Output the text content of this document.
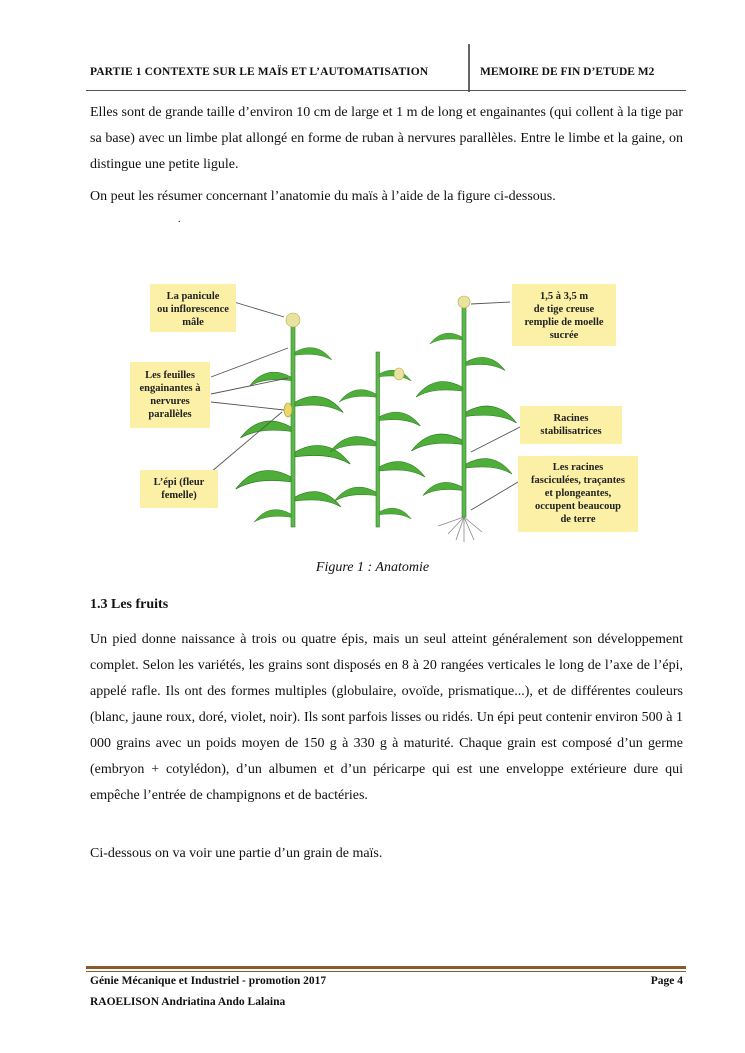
PARTIE 1 CONTEXTE SUR LE MAÏS ET L’AUTOMATISATION	MEMOIRE DE FIN D’ETUDE M2

Elles sont de grande taille d’environ 10 cm de large et 1 m de long et engainantes (qui collent à la tige par sa base) avec un limbe plat allongé en forme de ruban à nervures parallèles. Entre le limbe et la gaine, on distingue une petite ligule.

On peut les résumer concernant l’anatomie du maïs à l’aide de la figure ci-dessous.

.
La panicule
ou inflorescence
mâle
Les feuilles
engainantes à
nervures
parallèles
L’épi (fleur
femelle)
1,5 à 3,5 m
de tige creuse
remplie de moelle
sucrée
Racines
stabilisatrices
Les racines
fasciculées, traçantes
et plongeantes,
occupent beaucoup
de terre
Figure 1 : Anatomie
1.3 Les fruits

Un pied donne naissance à trois ou quatre épis, mais un seul atteint généralement son développement complet. Selon les variétés, les grains sont disposés en 8 à 20 rangées verticales le long de l’axe de l’épi, appelé rafle. Ils ont des formes multiples (globulaire, ovoïde, prismatique...), et de différentes couleurs (blanc, jaune roux, doré, violet, noir). Ils sont parfois lisses ou ridés. Un épi peut contenir environ 500 à 1 000 grains avec un poids moyen de 150 g à 330 g à maturité. Chaque grain est composé d’un germe (embryon + cotylédon), d’un albumen et d’un péricarpe qui est une enveloppe extérieure dure qui empêche l’entrée de champignons et de bactéries.

Ci-dessous on va voir une partie d’un grain de maïs.

Génie Mécanique et Industriel - promotion 2017	Page 4
RAOELISON Andriatina Ando Lalaina
